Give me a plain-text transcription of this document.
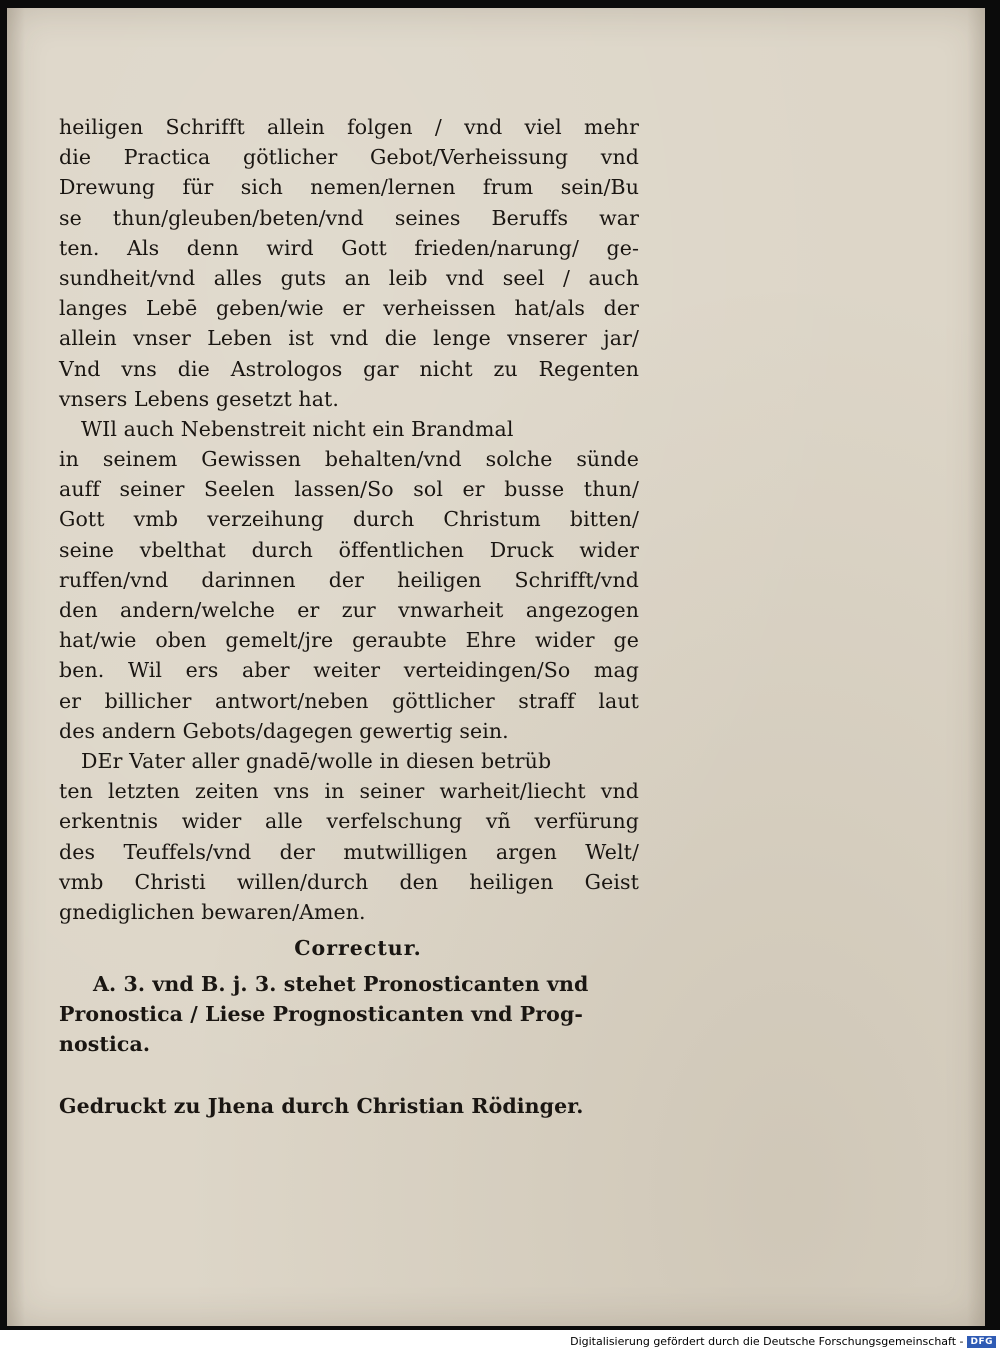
heiligen Schrifft allein folgen / vnd viel mehr
die Practica götlicher Gebot/Verheissung vnd
Drewung für sich nemen/lernen frum sein/Bu
se thun/gleuben/beten/vnd seines Beruffs war
ten. Als denn wird Gott frieden/narung/ ge-
sundheit/vnd alles guts an leib vnd seel / auch
langes Lebē geben/wie er verheissen hat/als der
allein vnser Leben ist vnd die lenge vnserer jar/
Vnd vns die Astrologos gar nicht zu Regenten
vnsers Lebens gesetzt hat.
WIl auch Nebenstreit nicht ein Brandmal
in seinem Gewissen behalten/vnd solche sünde
auff seiner Seelen lassen/So sol er busse thun/
Gott vmb verzeihung durch Christum bitten/
seine vbelthat durch öffentlichen Druck wider
ruffen/vnd darinnen der heiligen Schrifft/vnd
den andern/welche er zur vnwarheit angezogen
hat/wie oben gemelt/jre geraubte Ehre wider ge
ben. Wil ers aber weiter verteidingen/So mag
er billicher antwort/neben göttlicher straff laut
des andern Gebots/dagegen gewertig sein.
DEr Vater aller gnadē/wolle in diesen betrüb
ten letzten zeiten vns in seiner warheit/liecht vnd
erkentnis wider alle verfelschung vñ verfürung
des Teuffels/vnd der mutwilligen argen Welt/
vmb Christi willen/durch den heiligen Geist
gnediglichen bewaren/Amen.
Correctur.
A. 3. vnd B. j. 3. stehet Pronosticanten vnd
Pronostica / Liese Prognosticanten vnd Prog-
nostica.
Gedruckt zu Jhena durch Christian Rödinger.
Digitalisierung gefördert durch die Deutsche Forschungsgemeinschaft - DFG
